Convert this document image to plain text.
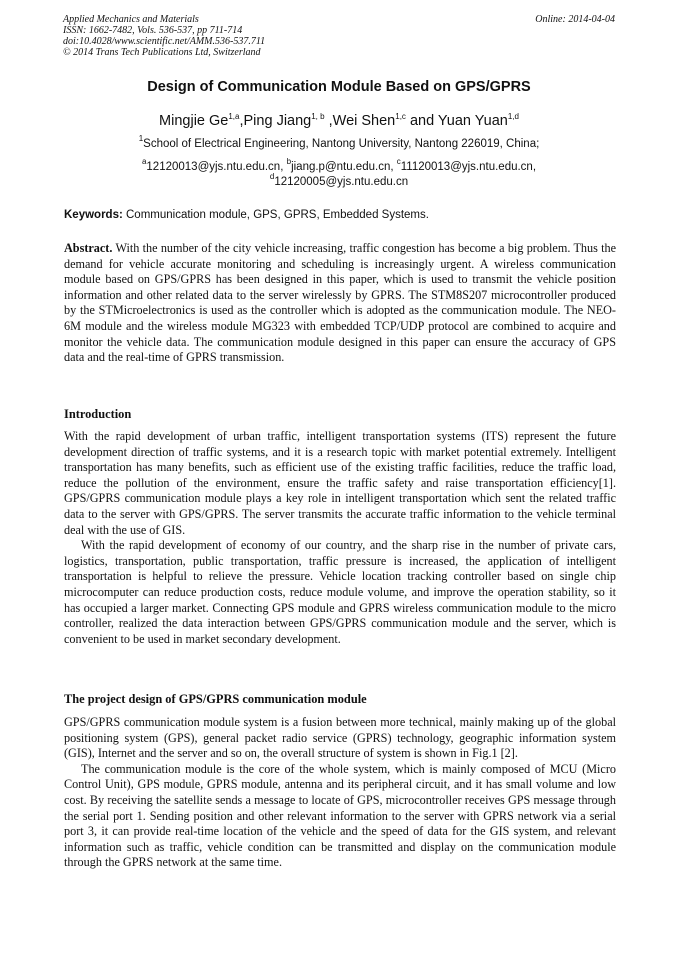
Applied Mechanics and Materials
ISSN: 1662-7482, Vols. 536-537, pp 711-714
doi:10.4028/www.scientific.net/AMM.536-537.711
© 2014 Trans Tech Publications Ltd, Switzerland
Online: 2014-04-04
Design of Communication Module Based on GPS/GPRS
Mingjie Ge$^{1,a}$,Ping Jiang$^{1, b}$ ,Wei Shen$^{1,c}$ and Yuan Yuan$^{1,d}$
$^1$School of Electrical Engineering, Nantong University, Nantong 226019, China;
$^a$12120013@yjs.ntu.edu.cn, $^b$jiang.p@ntu.edu.cn, $^c$11120013@yjs.ntu.edu.cn,
$^d$12120005@yjs.ntu.edu.cn
Keywords: Communication module, GPS, GPRS, Embedded Systems.

Abstract. With the number of the city vehicle increasing, traffic congestion has become a big problem. Thus the demand for vehicle accurate monitoring and scheduling is increasingly urgent. A wireless communication module based on GPS/GPRS has been designed in this paper, which is used to transmit the vehicle position information and other related data to the server wirelessly by GPRS. The STM8S207 microcontroller produced by the STMicroelectronics is used as the controller which is adopted as the communication module. The NEO-6M module and the wireless module MG323 with embedded TCP/UDP protocol are combined to acquire and monitor the vehicle data. The communication module designed in this paper can ensure the accuracy of GPS data and the real-time of GPRS transmission.

Introduction

With the rapid development of urban traffic, intelligent transportation systems (ITS) represent the future development direction of traffic systems, and it is a research topic with market potential extremely. Intelligent transportation has many benefits, such as efficient use of the existing traffic facilities, reduce the traffic load, reduce the pollution of the environment, ensure the traffic safety and raise transportation efficiency[1]. GPS/GPRS communication module plays a key role in intelligent transportation which sent the related traffic data to the server with GPS/GPRS. The server transmits the accurate traffic information to the vehicle terminal deal with the use of GIS.

With the rapid development of economy of our country, and the sharp rise in the number of private cars, logistics, transportation, public transportation, traffic pressure is increased, the application of intelligent transportation is helpful to relieve the pressure. Vehicle location tracking controller based on single chip microcomputer can reduce production costs, reduce module volume, and improve the operation stability, so it has occupied a larger market. Connecting GPS module and GPRS wireless communication module to the micro controller, realized the data interaction between GPS/GPRS communication module and the server, which is convenient to be used in market secondary development.

The project design of GPS/GPRS communication module

GPS/GPRS communication module system is a fusion between more technical, mainly making up of the global positioning system (GPS), general packet radio service (GPRS) technology, geographic information system (GIS), Internet and the server and so on, the overall structure of system is shown in Fig.1 [2].

The communication module is the core of the whole system, which is mainly composed of MCU (Micro Control Unit), GPS module, GPRS module, antenna and its peripheral circuit, and it has small volume and low cost. By receiving the satellite sends a message to locate of GPS, microcontroller receives GPS message through the serial port 1. Sending position and other relevant information to the server with GPRS network via a serial port 3, it can provide real-time location of the vehicle and the speed of data for the GIS system, and relevant information such as traffic, vehicle condition can be transmitted and display on the communication module through the GPRS network at the same time.
